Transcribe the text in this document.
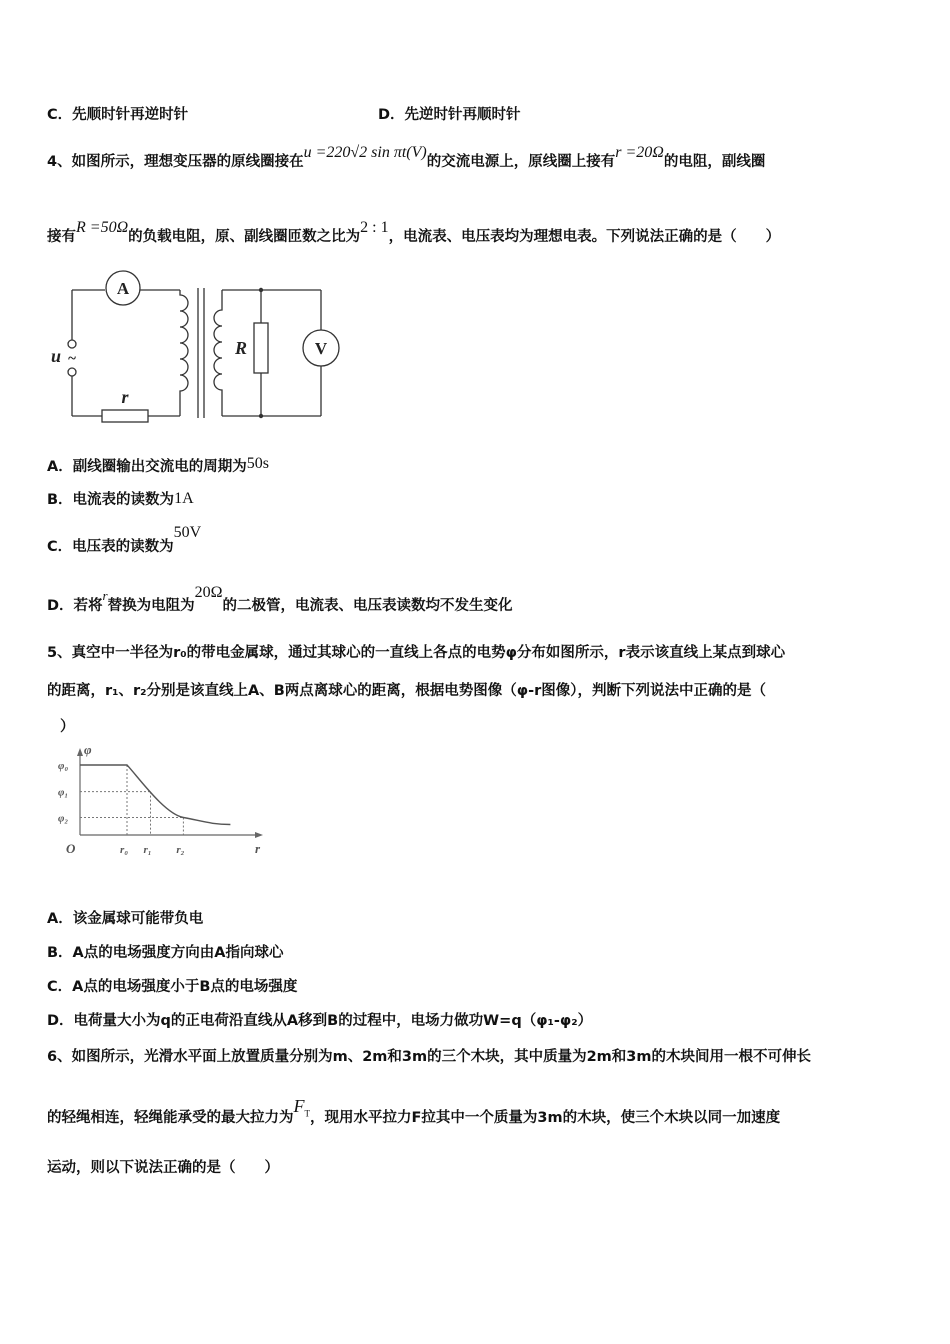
C．先顺时针再逆时针	D．先逆时针再顺时针
4、如图所示，理想变压器的原线圈接在u =220√2 sin πt(V)的交流电源上，原线圈上接有r =20Ω的电阻，副线圈
接有R =50Ω的负载电阻，原、副线圈匝数之比为2 : 1，电流表、电压表均为理想电表。下列说法正确的是（　　）
A
V
u ~
r
R
A．副线圈输出交流电的周期为50s
B．电流表的读数为1A
C．电压表的读数为50V
D．若将r替换为电阻为20Ω的二极管，电流表、电压表读数均不发生变化
5、真空中一半径为r₀的带电金属球，通过其球心的一直线上各点的电势φ分布如图所示，r表示该直线上某点到球心
的距离，r₁、r₂分别是该直线上A、B两点离球心的距离，根据电势图像（φ-r图像），判断下列说法中正确的是（
）
φ
r
O
φ₀
φ₁
φ₂
r₀ r₁ r₂
A．该金属球可能带负电
B．A点的电场强度方向由A指向球心
C．A点的电场强度小于B点的电场强度
D．电荷量大小为q的正电荷沿直线从A移到B的过程中，电场力做功W=q（φ₁-φ₂）
6、如图所示，光滑水平面上放置质量分别为m、2m和3m的三个木块，其中质量为2m和3m的木块间用一根不可伸长
的轻绳相连，轻绳能承受的最大拉力为$F_T$，现用水平拉力F拉其中一个质量为3m的木块，使三个木块以同一加速度
运动，则以下说法正确的是（　　）
